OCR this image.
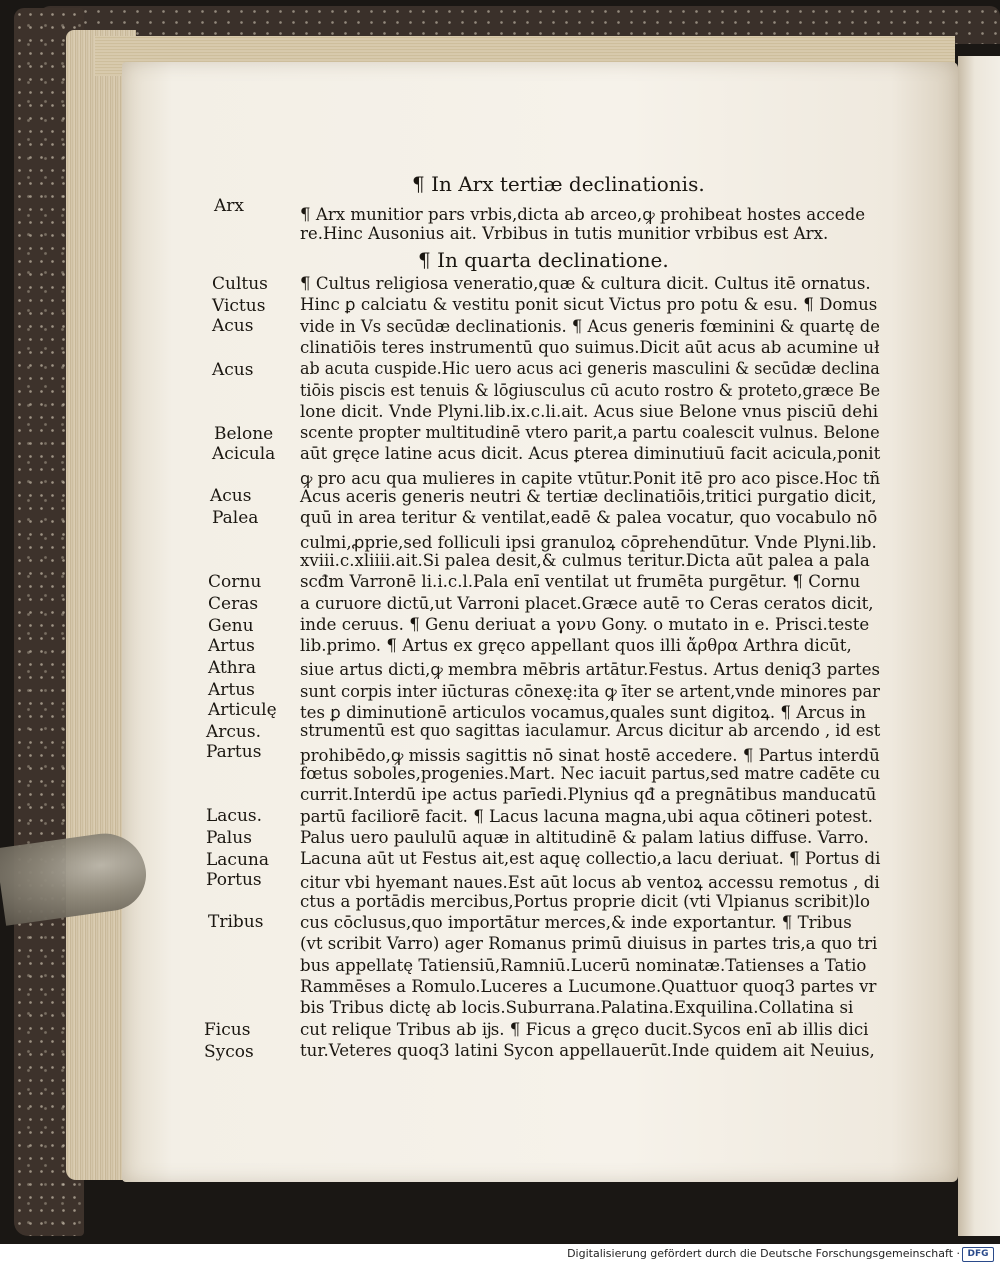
¶ In Arx tertiæ declinationis.
¶ Arx munitior pars vrbis,dicta ab arceo,ꝙ prohibeat hostes accede
re.Hinc Ausonius ait. Vrbibus in tutis munitior vrbibus est Arx.
¶ In quarta declinatione.
¶ Cultus religiosa veneratio,quæ & cultura dicit. Cultus itē ornatus.
Hinc ꝑ calciatu & vestitu ponit sicut Victus pro potu & esu. ¶ Domus
vide in Vs secūdæ declinationis. ¶ Acus generis fœminini & quartę de
clinatiōis teres instrumentū quo suimus.Dicit aūt acus ab acumine uł
ab acuta cuspide.Hic uero acus aci generis masculini & secūdæ declina
tiōis piscis est tenuis & lōgiusculus cū acuto rostro & proteto,græce Be
lone dicit. Vnde Plyni.lib.ix.c.li.ait. Acus siue Belone vnus pisciū dehi
scente propter multitudinē vtero parit,a partu coalescit vulnus. Belone
aūt gręce latine acus dicit. Acus ꝑterea diminutiuū facit acicula,ponit
ꝙ pro acu qua mulieres in capite vtūtur.Ponit itē pro aco pisce.Hoc tñ
Acus aceris generis neutri & tertiæ declinatiōis,tritici purgatio dicit,
quū in area teritur & ventilat,eadē & palea vocatur, quo vocabulo nō
culmi,ꝓprie,sed folliculi ipsi granuloꝝ cōprehendūtur. Vnde Plyni.lib.
xviii.c.xliiii.ait.Si palea desit,& culmus teritur.Dicta aūt palea a pala
scđm Varronē li.i.c.l.Pala enī ventilat ut frumēta purgētur. ¶ Cornu
a curuore dictū,ut Varroni placet.Græce autē το Ceras ceratos dicit,
inde ceruus. ¶ Genu deriuat a γονυ Gony. o mutato in e. Prisci.teste
lib.primo. ¶ Artus ex gręco appellant quos illi ἄρθρα Arthra dicūt,
siue artus dicti,ꝙ membra mēbris artātur.Festus. Artus deniq3 partes
sunt corpis inter iūcturas cōnexę:ita ꝙ īter se artent,vnde minores par
tes ꝑ diminutionē articulos vocamus,quales sunt digitoꝝ. ¶ Arcus in
strumentū est quo sagittas iaculamur. Arcus dicitur ab arcendo , id est
prohibēdo,ꝙ missis sagittis nō sinat hostē accedere. ¶ Partus interdū
fœtus soboles,progenies.Mart. Nec iacuit partus,sed matre cadēte cu
currit.Interdū ipe actus parīedi.Plynius qđ a pregnātibus manducatū
partū faciliorē facit. ¶ Lacus lacuna magna,ubi aqua cōtineri potest.
Palus uero paululū aquæ in altitudinē & palam latius diffuse. Varro.
Lacuna aūt ut Festus ait,est aquę collectio,a lacu deriuat. ¶ Portus di
citur vbi hyemant naues.Est aūt locus ab ventoꝝ accessu remotus , di
ctus a portādis mercibus,Portus proprie dicit (vti Vlpianus scribit)lo
cus cōclusus,quo importātur merces,& inde exportantur. ¶ Tribus
(vt scribit Varro) ager Romanus primū diuisus in partes tris,a quo tri
bus appellatę Tatiensiū,Ramniū.Lucerū nominatæ.Tatienses a Tatio
Rammēses a Romulo.Luceres a Lucumone.Quattuor quoq3 partes vr
bis Tribus dictę ab locis.Suburrana.Palatina.Exquilina.Collatina si
cut relique Tribus ab ĳs. ¶ Ficus a gręco ducit.Sycos enī ab illis dici
tur.Veteres quoq3 latini Sycon appellauerūt.Inde quidem ait Neuius,
Arx
Cultus
Victus
Acus
Acus
Belone
Acicula
Acus
Palea
Cornu
Ceras
Genu
Artus
Athra
Artus
Articulę
Arcus.
Partus
Lacus.
Palus
Lacuna
Portus
Tribus
Ficus
Sycos
Digitalisierung gefördert durch die Deutsche Forschungsgemeinschaft · DFG
